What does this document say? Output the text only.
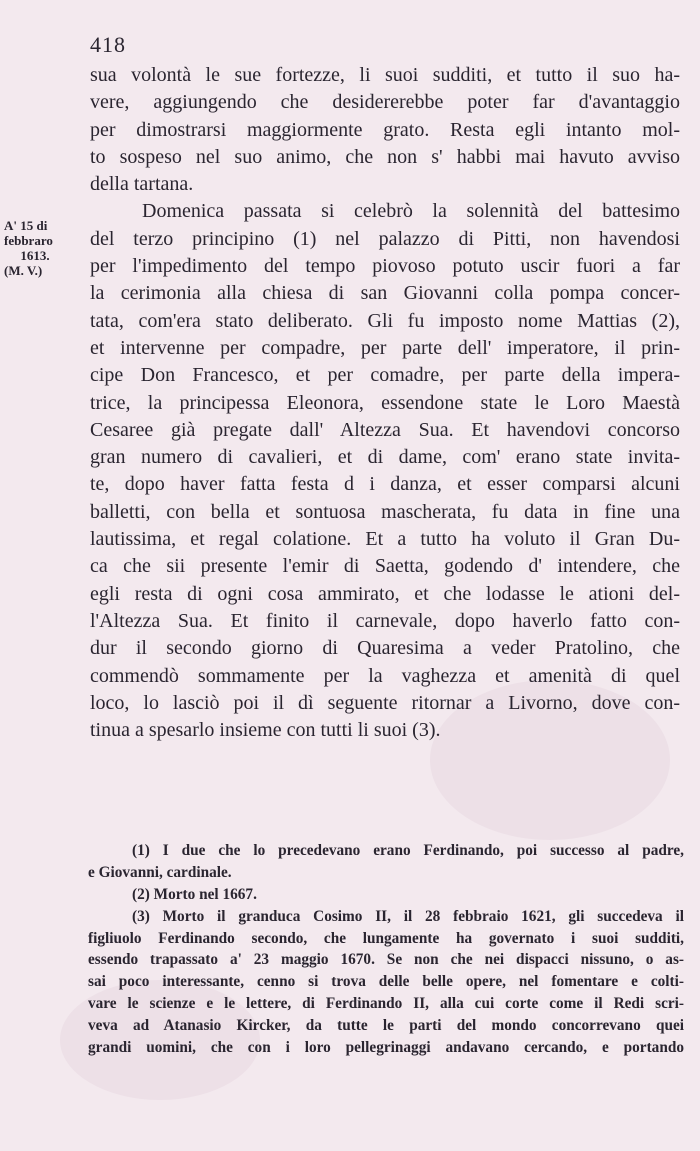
418
A' 15 di
febbraro
1613.
(M. V.)
sua volontà le sue fortezze, li suoi sudditi, et tutto il suo ha-
vere, aggiungendo che desidererebbe poter far d'avantaggio
per dimostrarsi maggiormente grato. Resta egli intanto mol-
to sospeso nel suo animo, che non s' habbi mai havuto avviso
della tartana.
Domenica passata si celebrò la solennità del battesimo
del terzo principino (1) nel palazzo di Pitti, non havendosi
per l'impedimento del tempo piovoso potuto uscir fuori a far
la cerimonia alla chiesa di san Giovanni colla pompa concer-
tata, com'era stato deliberato. Gli fu imposto nome Mattias (2),
et intervenne per compadre, per parte dell' imperatore, il prin-
cipe Don Francesco, et per comadre, per parte della impera-
trice, la principessa Eleonora, essendone state le Loro Maestà
Cesaree già pregate dall' Altezza Sua. Et havendovi concorso
gran numero di cavalieri, et di dame, com' erano state invita-
te, dopo haver fatta festa d i danza, et esser comparsi alcuni
balletti, con bella et sontuosa mascherata, fu data in fine una
lautissima, et regal colatione. Et a tutto ha voluto il Gran Du-
ca che sii presente l'emir di Saetta, godendo d' intendere, che
egli resta di ogni cosa ammirato, et che lodasse le ationi del-
l'Altezza Sua. Et finito il carnevale, dopo haverlo fatto con-
dur il secondo giorno di Quaresima a veder Pratolino, che
commendò sommamente per la vaghezza et amenità di quel
loco, lo lasciò poi il dì seguente ritornar a Livorno, dove con-
tinua a spesarlo insieme con tutti li suoi (3).
(1) I due che lo precedevano erano Ferdinando, poi successo al padre,
e Giovanni, cardinale.
(2) Morto nel 1667.
(3) Morto il granduca Cosimo II, il 28 febbraio 1621, gli succedeva il
figliuolo Ferdinando secondo, che lungamente ha governato i suoi sudditi,
essendo trapassato a' 23 maggio 1670. Se non che nei dispacci nissuno, o as-
sai poco interessante, cenno si trova delle belle opere, nel fomentare e colti-
vare le scienze e le lettere, di Ferdinando II, alla cui corte come il Redi scri-
veva ad Atanasio Kircker, da tutte le parti del mondo concorrevano quei
grandi uomini, che con i loro pellegrinaggi andavano cercando, e portando
